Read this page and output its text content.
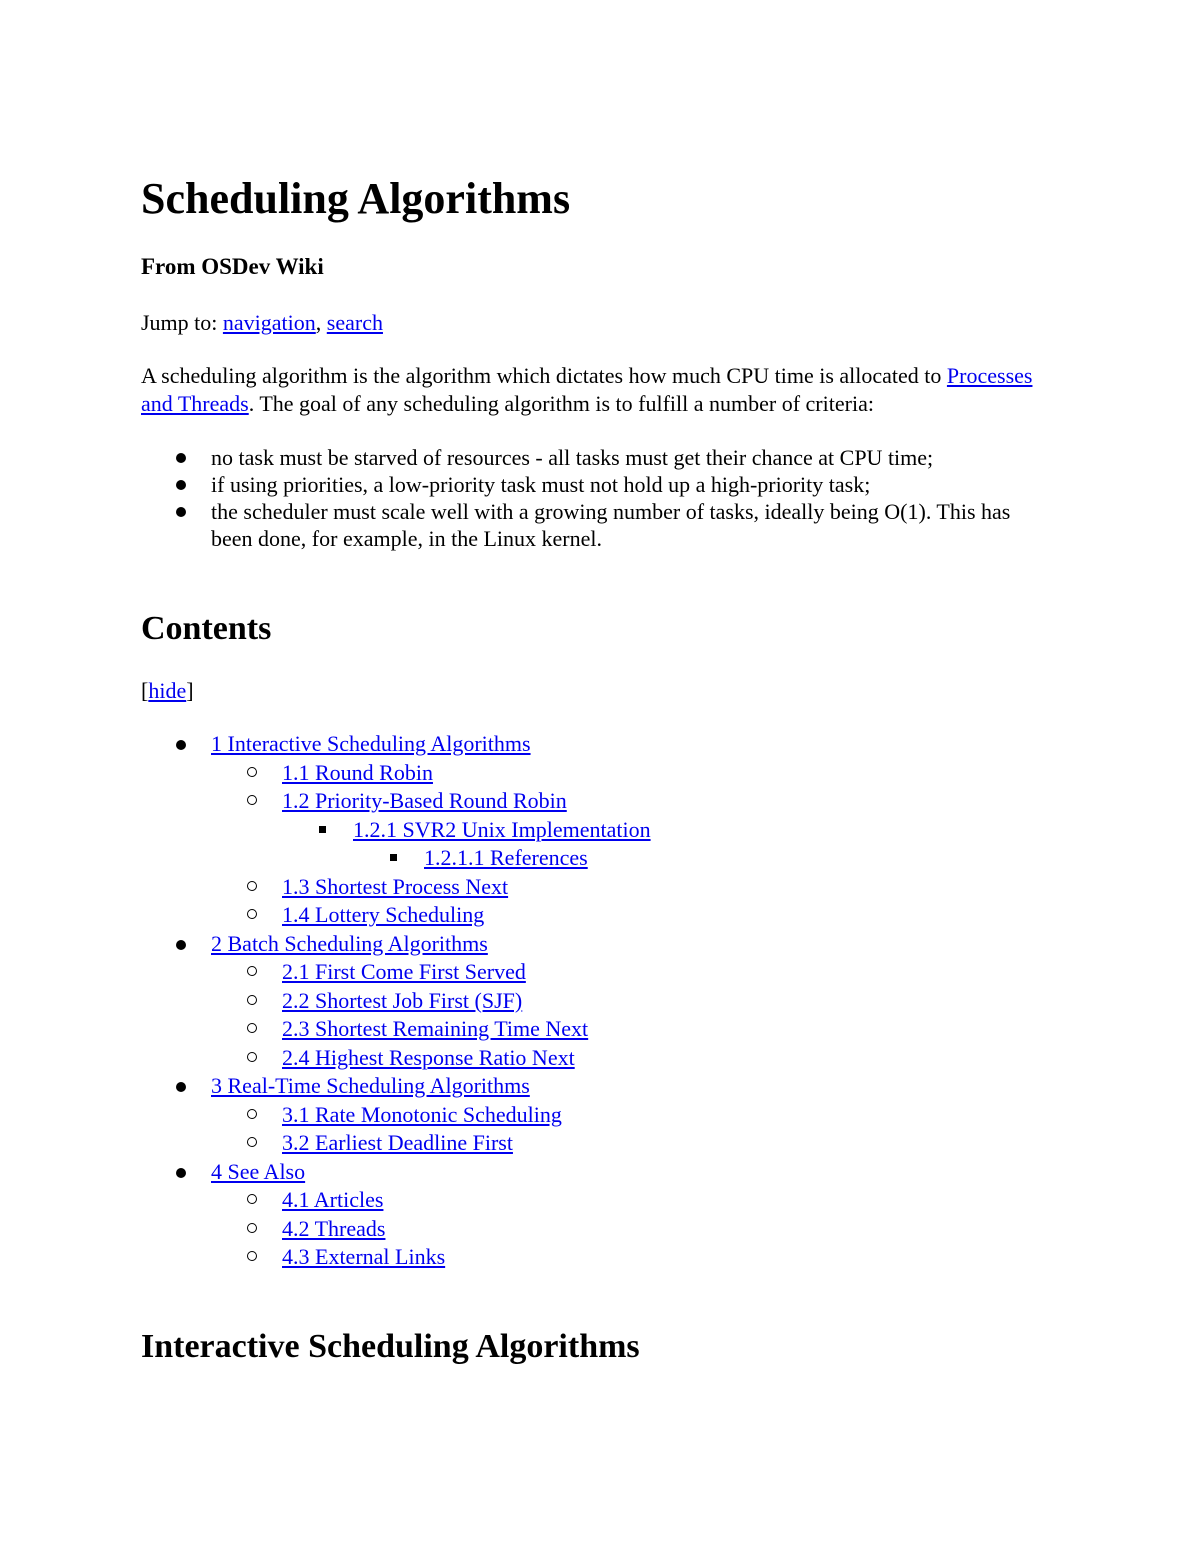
Scheduling Algorithms
From OSDev Wiki

Jump to: navigation, search

A scheduling algorithm is the algorithm which dictates how much CPU time is allocated to Processes and Threads. The goal of any scheduling algorithm is to fulfill a number of criteria:

no task must be starved of resources - all tasks must get their chance at CPU time;
if using priorities, a low-priority task must not hold up a high-priority task;
the scheduler must scale well with a growing number of tasks, ideally being O(1). This has been done, for example, in the Linux kernel.
Contents

[hide]

1 Interactive Scheduling Algorithms
1.1 Round Robin
1.2 Priority-Based Round Robin
1.2.1 SVR2 Unix Implementation
1.2.1.1 References
1.3 Shortest Process Next
1.4 Lottery Scheduling
2 Batch Scheduling Algorithms
2.1 First Come First Served
2.2 Shortest Job First (SJF)
2.3 Shortest Remaining Time Next
2.4 Highest Response Ratio Next
3 Real-Time Scheduling Algorithms
3.1 Rate Monotonic Scheduling
3.2 Earliest Deadline First
4 See Also
4.1 Articles
4.2 Threads
4.3 External Links
Interactive Scheduling Algorithms
